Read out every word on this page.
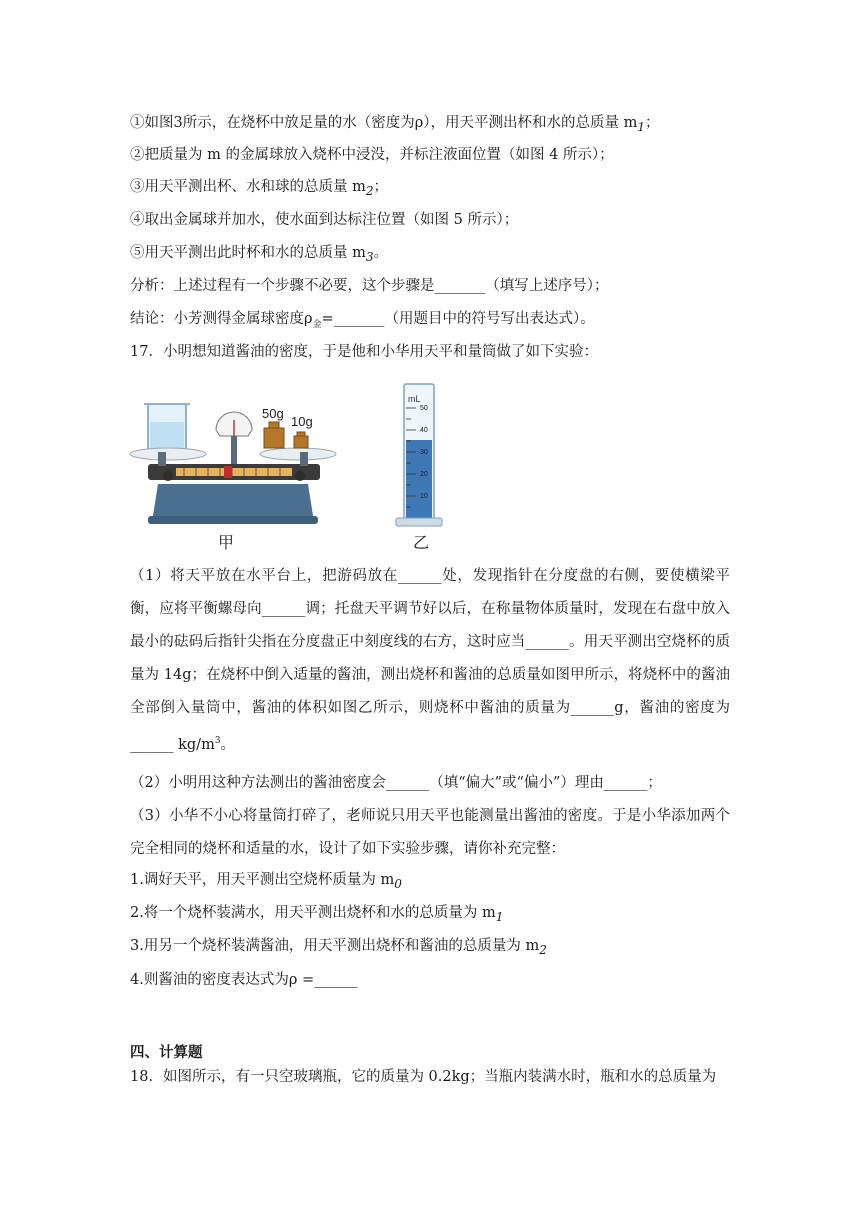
①如图3所示，在烧杯中放足量的水（密度为ρ），用天平测出杯和水的总质量 $m_1$；
②把质量为 m 的金属球放入烧杯中浸没，并标注液面位置（如图 4 所示）；
③用天平测出杯、水和球的总质量 $m_2$；
④取出金属球并加水，使水面到达标注位置（如图 5 所示）；
⑤用天平测出此时杯和水的总质量 $m_3$。
分析：上述过程有一个步骤不必要，这个步骤是_______（填写上述序号）；
结论：小芳测得金属球密度$\rho_金=\_\_\_\_\_\_\_$（用题目中的符号写出表达式）。
17．小明想知道酱油的密度，于是他和小华用天平和量筒做了如下实验：
50g
10g
甲
mL
50
40
30
20
10
乙
（1）将天平放在水平台上，把游码放在______处，发现指针在分度盘的右侧，要使横梁平衡，应将平衡螺母向______调；托盘天平调节好以后，在称量物体质量时，发现在右盘中放入最小的砝码后指针尖指在分度盘正中刻度线的右方，这时应当______。用天平测出空烧杯的质量为 14g；在烧杯中倒入适量的酱油，测出烧杯和酱油的总质量如图甲所示，将烧杯中的酱油全部倒入量筒中，酱油的体积如图乙所示，则烧杯中酱油的质量为______g，酱油的密度为______ $kg/m^3$。
（2）小明用这种方法测出的酱油密度会______（填“偏大”或“偏小”）理由______；
（3）小华不小心将量筒打碎了，老师说只用天平也能测量出酱油的密度。于是小华添加两个完全相同的烧杯和适量的水，设计了如下实验步骤，请你补充完整：
1.调好天平，用天平测出空烧杯质量为 $m_0$
2.将一个烧杯装满水，用天平测出烧杯和水的总质量为 $m_1$
3.用另一个烧杯装满酱油，用天平测出烧杯和酱油的总质量为 $m_2$
4.则酱油的密度表达式为ρ =______
四、计算题
18．如图所示，有一只空玻璃瓶，它的质量为 0.2kg；当瓶内装满水时，瓶和水的总质量为
